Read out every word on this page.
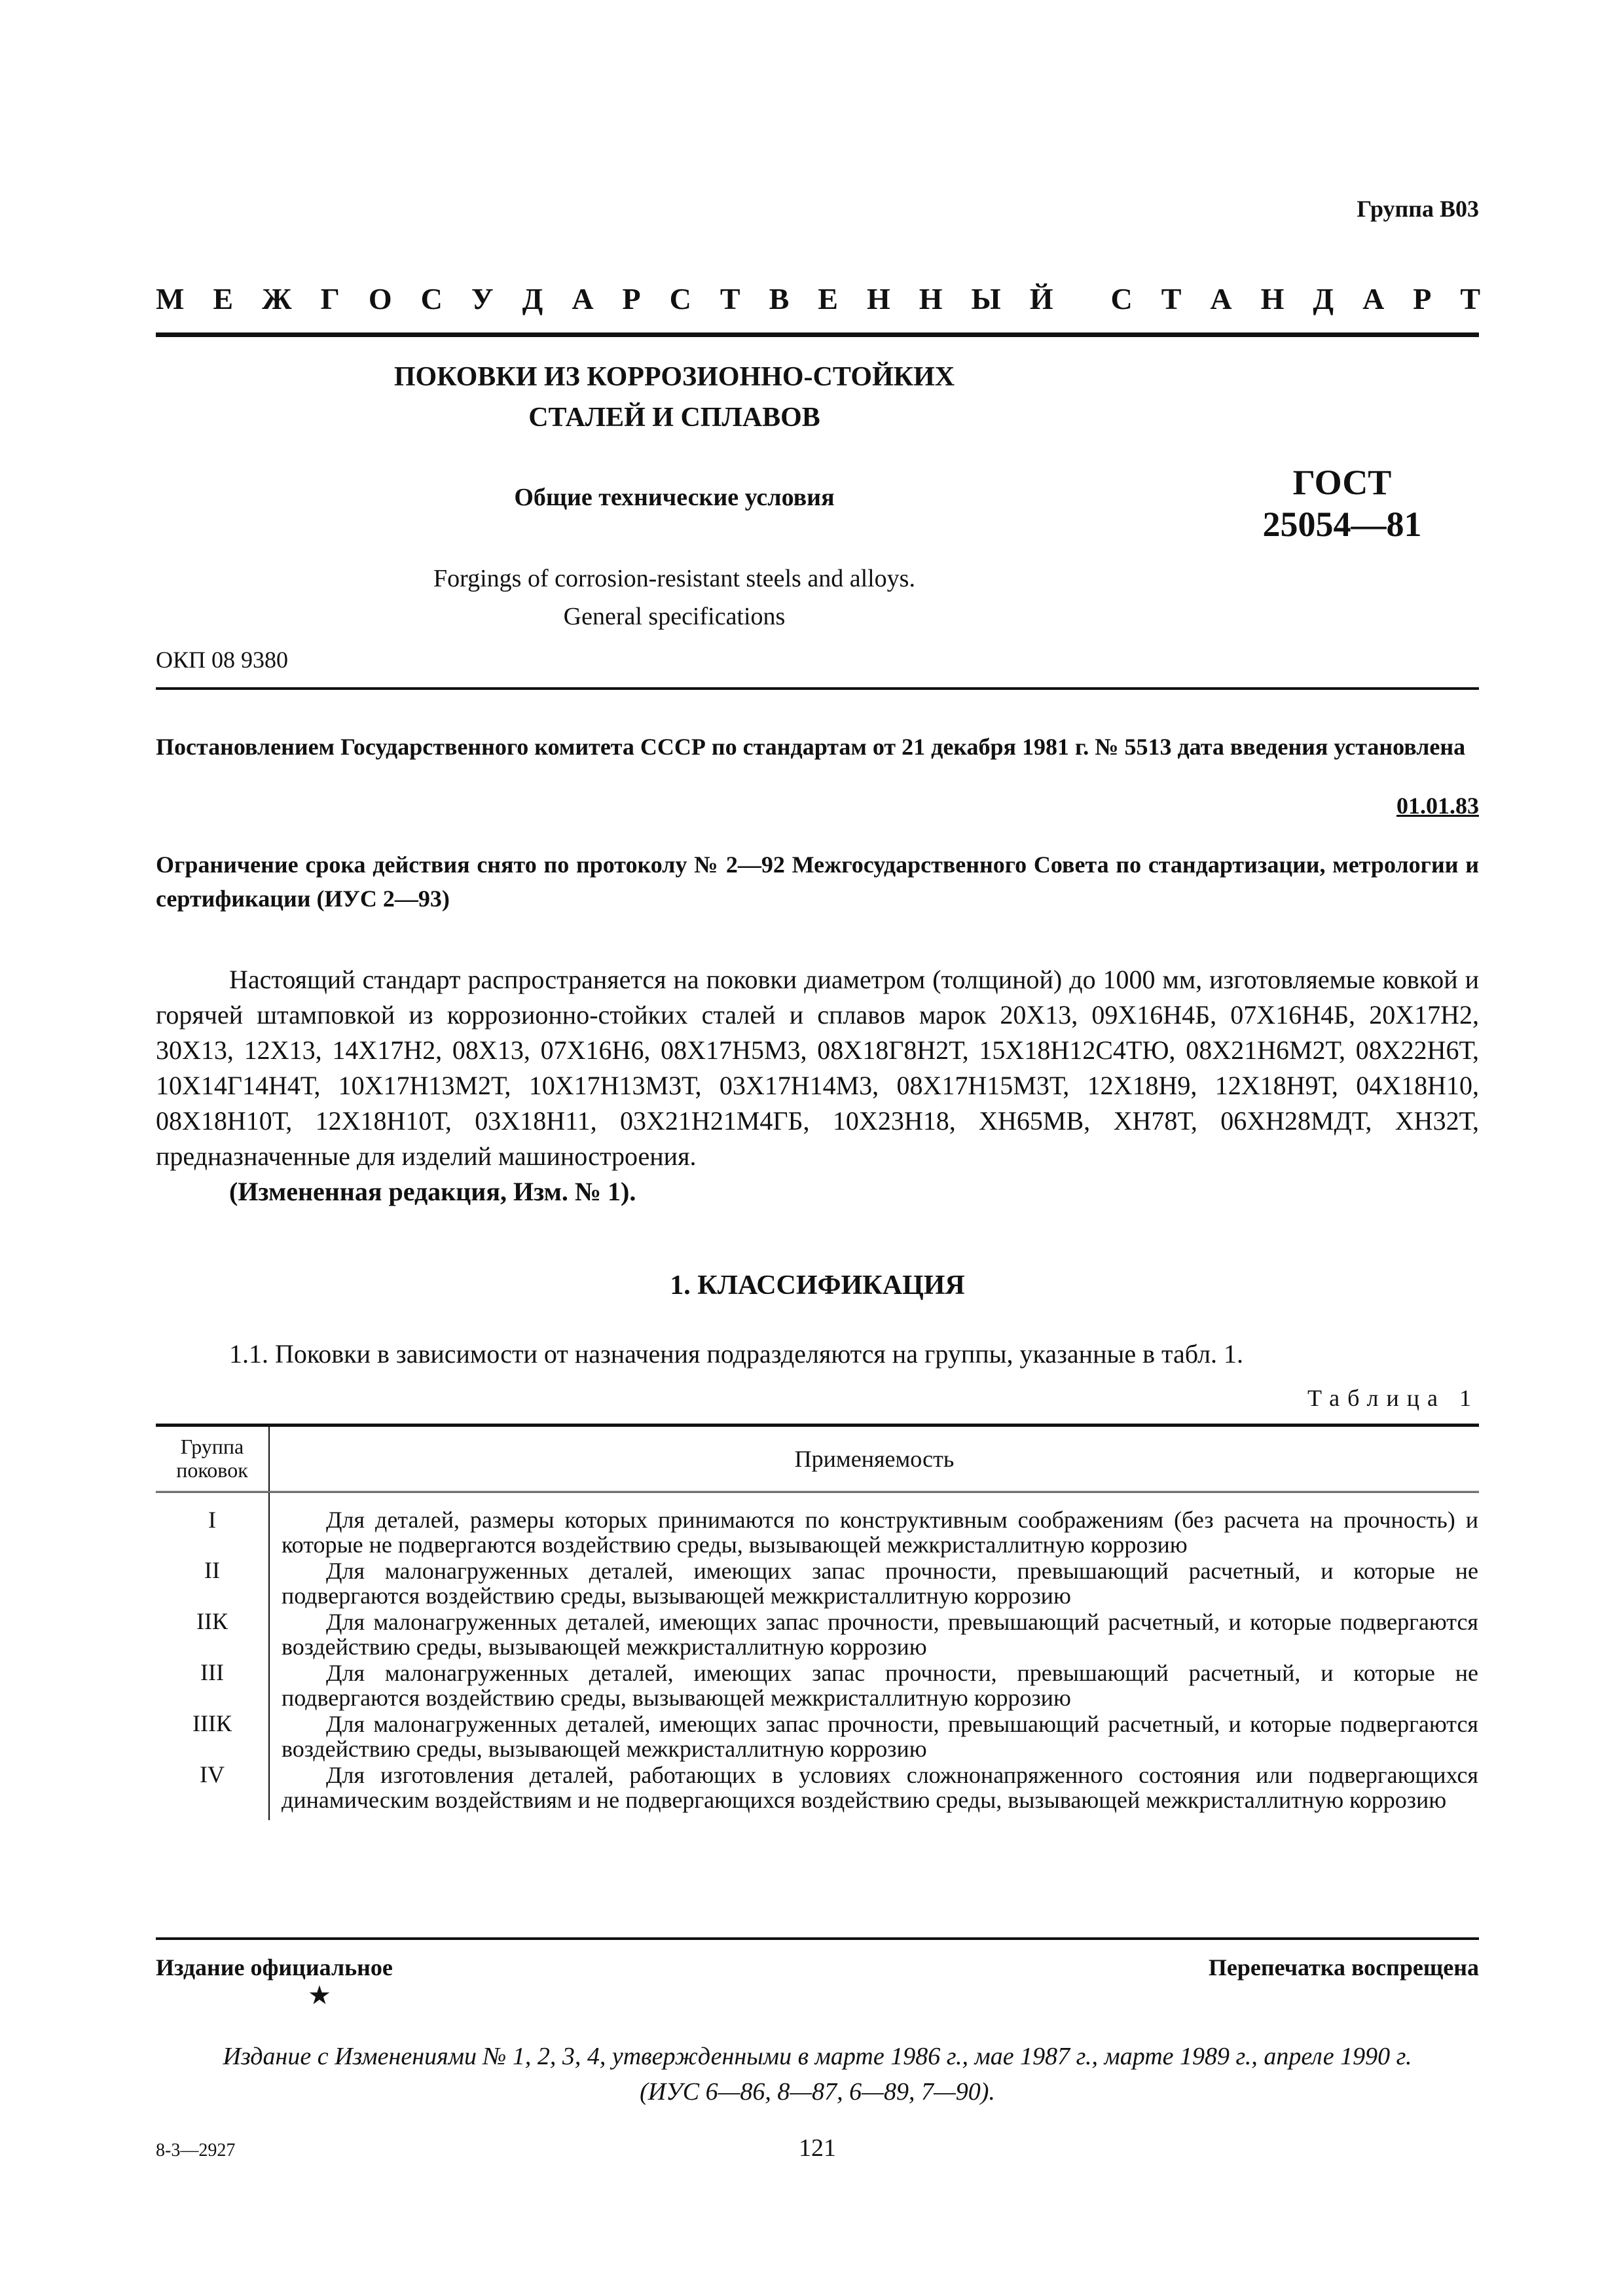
Группа В03
М Е Ж Г О С У Д А Р С Т В Е Н Н Ы Й С Т А Н Д А Р Т
ПОКОВКИ ИЗ КОРРОЗИОННО-СТОЙКИХ
СТАЛЕЙ И СПЛАВОВ
Общие технические условия	ГОСТ
25054—81
Forgings of corrosion-resistant steels and alloys.
General specifications
ОКП 08 9380
Постановлением Государственного комитета СССР по стандартам от 21 декабря 1981 г. № 5513 дата введения установлена
01.01.83
Ограничение срока действия снято по протоколу № 2—92 Межгосударственного Совета по стандартизации, метрологии и сертификации (ИУС 2—93)
Настоящий стандарт распространяется на поковки диаметром (толщиной) до 1000 мм, изготовляемые ковкой и горячей штамповкой из коррозионно-стойких сталей и сплавов марок 20Х13, 09Х16Н4Б, 07Х16Н4Б, 20Х17Н2, 30Х13, 12Х13, 14Х17Н2, 08Х13, 07Х16Н6, 08Х17Н5М3, 08Х18Г8Н2Т, 15Х18Н12С4ТЮ, 08Х21Н6М2Т, 08Х22Н6Т, 10Х14Г14Н4Т, 10Х17Н13М2Т, 10Х17Н13М3Т, 03Х17Н14М3, 08Х17Н15М3Т, 12Х18Н9, 12Х18Н9Т, 04Х18Н10, 08Х18Н10Т, 12Х18Н10Т, 03Х18Н11, 03Х21Н21М4ГБ, 10Х23Н18, ХН65МВ, ХН78Т, 06ХН28МДТ, ХН32Т, предназначенные для изделий машиностроения.
(Измененная редакция, Изм. № 1).
1. КЛАССИФИКАЦИЯ
1.1. Поковки в зависимости от назначения подразделяются на группы, указанные в табл. 1.
Таблица 1
Группа поковок	Применяемость
I	Для деталей, размеры которых принимаются по конструктивным соображениям (без расчета на прочность) и которые не подвергаются воздействию среды, вызывающей межкристаллитную коррозию

II	Для малонагруженных деталей, имеющих запас прочности, превышающий расчетный, и которые не подвергаются воздействию среды, вызывающей межкристаллитную коррозию

IIК	Для малонагруженных деталей, имеющих запас прочности, превышающий расчетный, и которые подвергаются воздействию среды, вызывающей межкристаллитную коррозию

III	Для малонагруженных деталей, имеющих запас прочности, превышающий расчетный, и которые не подвергаются воздействию среды, вызывающей межкристаллитную коррозию

IIIК	Для малонагруженных деталей, имеющих запас прочности, превышающий расчетный, и которые подвергаются воздействию среды, вызывающей межкристаллитную коррозию

IV	Для изготовления деталей, работающих в условиях сложнонапряженного состояния или подвергающихся динамическим воздействиям и не подвергающихся воздействию среды, вызывающей межкристаллитную коррозию
Издание официальное	Перепечатка воспрещена
★
Издание с Изменениями № 1, 2, 3, 4, утвержденными в марте 1986 г., мае 1987 г., марте 1989 г., апреле 1990 г.
(ИУС 6—86, 8—87, 6—89, 7—90).
8-3—2927	121
